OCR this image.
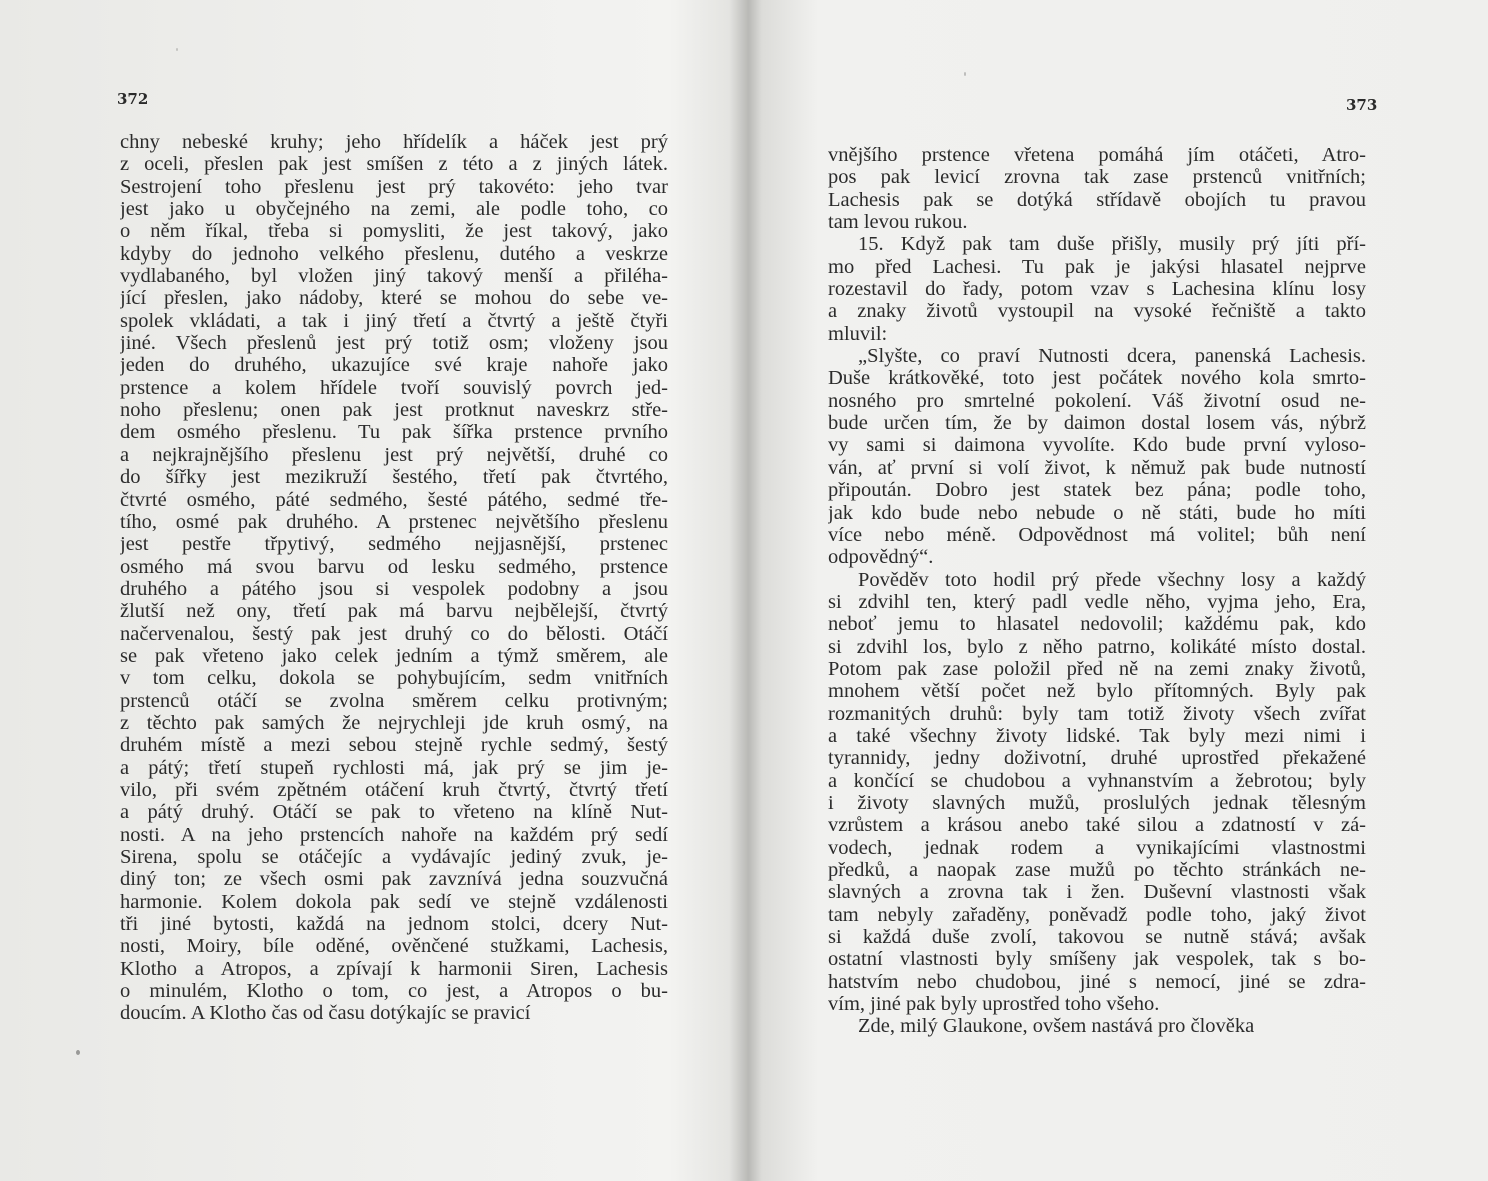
372
chny nebeské kruhy; jeho hřídelík a háček jest prý
z oceli, přeslen pak jest smíšen z této a z jiných látek.
Sestrojení toho přeslenu jest prý takovéto: jeho tvar
jest jako u obyčejného na zemi, ale podle toho, co
o něm říkal, třeba si pomysliti, že jest takový, jako
kdyby do jednoho velkého přeslenu, dutého a veskrze
vydlabaného, byl vložen jiný takový menší a přiléha-
jící přeslen, jako nádoby, které se mohou do sebe ve-
spolek vkládati, a tak i jiný třetí a čtvrtý a ještě čtyři
jiné. Všech přeslenů jest prý totiž osm; vloženy jsou
jeden do druhého, ukazujíce své kraje nahoře jako
prstence a kolem hřídele tvoří souvislý povrch jed-
noho přeslenu; onen pak jest protknut naveskrz stře-
dem osmého přeslenu. Tu pak šířka prstence prvního
a nejkrajnějšího přeslenu jest prý největší, druhé co
do šířky jest mezikruží šestého, třetí pak čtvrtého,
čtvrté osmého, páté sedmého, šesté pátého, sedmé tře-
tího, osmé pak druhého. A prstenec největšího přeslenu
jest pestře třpytivý, sedmého nejjasnější, prstenec
osmého má svou barvu od lesku sedmého, prstence
druhého a pátého jsou si vespolek podobny a jsou
žlutší než ony, třetí pak má barvu nejbělejší, čtvrtý
načervenalou, šestý pak jest druhý co do bělosti. Otáčí
se pak vřeteno jako celek jedním a týmž směrem, ale
v tom celku, dokola se pohybujícím, sedm vnitřních
prstenců otáčí se zvolna směrem celku protivným;
z těchto pak samých že nejrychleji jde kruh osmý, na
druhém místě a mezi sebou stejně rychle sedmý, šestý
a pátý; třetí stupeň rychlosti má, jak prý se jim je-
vilo, při svém zpětném otáčení kruh čtvrtý, čtvrtý třetí
a pátý druhý. Otáčí se pak to vřeteno na klíně Nut-
nosti. A na jeho prstencích nahoře na každém prý sedí
Sirena, spolu se otáčejíc a vydávajíc jediný zvuk, je-
diný ton; ze všech osmi pak zavznívá jedna souzvučná
harmonie. Kolem dokola pak sedí ve stejně vzdálenosti
tři jiné bytosti, každá na jednom stolci, dcery Nut-
nosti, Moiry, bíle oděné, ověnčené stužkami, Lachesis,
Klotho a Atropos, a zpívají k harmonii Siren, Lachesis
o minulém, Klotho o tom, co jest, a Atropos o bu-
doucím. A Klotho čas od času dotýkajíc se pravicí
373
vnějšího prstence vřetena pomáhá jím otáčeti, Atro-
pos pak levicí zrovna tak zase prstenců vnitřních;
Lachesis pak se dotýká střídavě obojích tu pravou
tam levou rukou.
15. Když pak tam duše přišly, musily prý jíti pří-
mo před Lachesi. Tu pak je jakýsi hlasatel nejprve
rozestavil do řady, potom vzav s Lachesina klínu losy
a znaky životů vystoupil na vysoké řečniště a takto
mluvil:
„Slyšte, co praví Nutnosti dcera, panenská Lachesis.
Duše krátkověké, toto jest počátek nového kola smrto-
nosného pro smrtelné pokolení. Váš životní osud ne-
bude určen tím, že by daimon dostal losem vás, nýbrž
vy sami si daimona vyvolíte. Kdo bude první vyloso-
ván, ať první si volí život, k němuž pak bude nutností
připoután. Dobro jest statek bez pána; podle toho,
jak kdo bude nebo nebude o ně státi, bude ho míti
více nebo méně. Odpovědnost má volitel; bůh není
odpovědný“.
Pověděv toto hodil prý přede všechny losy a každý
si zdvihl ten, který padl vedle něho, vyjma jeho, Era,
neboť jemu to hlasatel nedovolil; každému pak, kdo
si zdvihl los, bylo z něho patrno, kolikáté místo dostal.
Potom pak zase položil před ně na zemi znaky životů,
mnohem větší počet než bylo přítomných. Byly pak
rozmanitých druhů: byly tam totiž životy všech zvířat
a také všechny životy lidské. Tak byly mezi nimi i
tyrannidy, jedny doživotní, druhé uprostřed překažené
a končící se chudobou a vyhnanstvím a žebrotou; byly
i životy slavných mužů, proslulých jednak tělesným
vzrůstem a krásou anebo také silou a zdatností v zá-
vodech, jednak rodem a vynikajícími vlastnostmi
předků, a naopak zase mužů po těchto stránkách ne-
slavných a zrovna tak i žen. Duševní vlastnosti však
tam nebyly zařaděny, poněvadž podle toho, jaký život
si každá duše zvolí, takovou se nutně stává; avšak
ostatní vlastnosti byly smíšeny jak vespolek, tak s bo-
hatstvím nebo chudobou, jiné s nemocí, jiné se zdra-
vím, jiné pak byly uprostřed toho všeho.
Zde, milý Glaukone, ovšem nastává pro člověka
